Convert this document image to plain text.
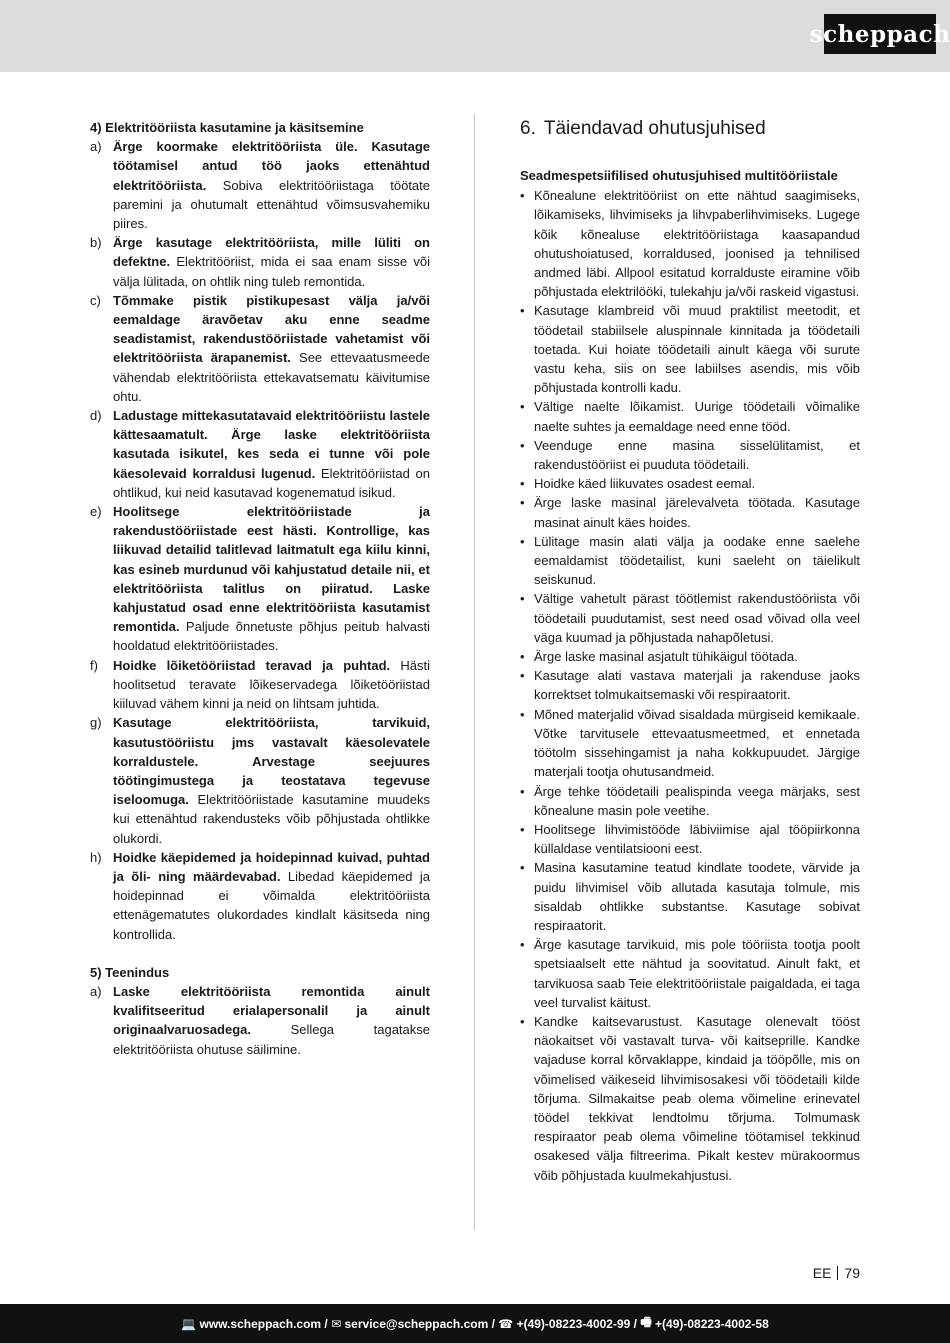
scheppach

4) Elektritööriista kasutamine ja käsitsemine

a) Ärge koormake elektritööriista üle. Kasutage töötamisel antud töö jaoks ettenähtud elektritööriista. Sobiva elektritööriistaga töötate paremini ja ohutumalt ettenähtud võimsusvahemiku piires.
b) Ärge kasutage elektritööriista, mille lüliti on defektne. Elektritööriist, mida ei saa enam sisse või välja lülitada, on ohtlik ning tuleb remontida.
c) Tõmmake pistik pistikupesast välja ja/või eemaldage äravõetav aku enne seadme seadistamist, rakendustööriistade vahetamist või elektritööriista ärapanemist. See ettevaatusmeede vähendab elektritööriista ettekavatsematu käivitumise ohtu.
d) Ladustage mittekasutatavaid elektritööriistu lastele kättesaamatult. Ärge laske elektritööriista kasutada isikutel, kes seda ei tunne või pole käesolevaid korraldusi lugenud. Elektritööriistad on ohtlikud, kui neid kasutavad kogenematud isikud.
e) Hoolitsege elektritööriistade ja rakendustööriistade eest hästi. Kontrollige, kas liikuvad detailid talitlevad laitmatult ega kiilu kinni, kas esineb murdunud või kahjustatud detaile nii, et elektritööriista talitlus on piiratud. Laske kahjustatud osad enne elektritööriista kasutamist remontida. Paljude õnnetuste põhjus peitub halvasti hooldatud elektritööriistades.
f) Hoidke lõiketööriistad teravad ja puhtad. Hästi hoolitsetud teravate lõikeservadega lõiketööriistad kiiluvad vähem kinni ja neid on lihtsam juhtida.
g) Kasutage elektritööriista, tarvikuid, kasutustööriistu jms vastavalt käesolevatele korraldustele. Arvestage seejuures töötingimustega ja teostatava tegevuse iseloomuga. Elektritööriistade kasutamine muudeks kui ettenähtud rakendusteks võib põhjustada ohtlikke olukordi.
h) Hoidke käepidemed ja hoidepinnad kuivad, puhtad ja õli- ning määrdevabad. Libedad käepidemed ja hoidepinnad ei võimalda elektritööriista ettenägematutes olukordades kindlalt käsitseda ning kontrollida.

5) Teenindus

a) Laske elektritööriista remontida ainult kvalifitseeritud erialapersonalil ja ainult originaalvaruosadega. Sellega tagatakse elektritööriista ohutuse säilimine.
6. Täiendavad ohutusjuhised

Seadmespetsiifilised ohutusjuhised multitööriistale

• Kõnealune elektritööriist on ette nähtud saagimiseks, lõikamiseks, lihvimiseks ja lihvpaberlihvimiseks. Lugege kõik kõnealuse elektritööriistaga kaasapandud ohutushoiatused, korraldused, joonised ja tehnilised andmed läbi. Allpool esitatud korralduste eiramine võib põhjustada elektrilööki, tulekahju ja/või raskeid vigastusi.
• Kasutage klambreid või muud praktilist meetodit, et töödetail stabiilsele aluspinnale kinnitada ja töödetaili toetada. Kui hoiate töödetaili ainult käega või surute vastu keha, siis on see labiilses asendis, mis võib põhjustada kontrolli kadu.
• Vältige naelte lõikamist. Uurige töödetaili võimalike naelte suhtes ja eemaldage need enne tööd.
• Veenduge enne masina sisselülitamist, et rakendustööriist ei puuduta töödetaili.
• Hoidke käed liikuvates osadest eemal.
• Ärge laske masinal järelevalveta töötada. Kasutage masinat ainult käes hoides.
• Lülitage masin alati välja ja oodake enne saelehe eemaldamist töödetailist, kuni saeleht on täielikult seiskunud.
• Vältige vahetult pärast töötlemist rakendustööriista või töödetaili puudutamist, sest need osad võivad olla veel väga kuumad ja põhjustada nahapõletusi.
• Ärge laske masinal asjatult tühikäigul töötada.
• Kasutage alati vastava materjali ja rakenduse jaoks korrektset tolmukaitsemaski või respiraatorit.
• Mõned materjalid võivad sisaldada mürgiseid kemikaale. Võtke tarvitusele ettevaatusmeetmed, et ennetada töötolm sissehingamist ja naha kokkupuudet. Järgige materjali tootja ohutusandmeid.
• Ärge tehke töödetaili pealispinda veega märjaks, sest kõnealune masin pole veetihe.
• Hoolitsege lihvimistööde läbiviimise ajal tööpiirkonna küllaldase ventilatsiooni eest.
• Masina kasutamine teatud kindlate toodete, värvide ja puidu lihvimisel võib allutada kasutaja tolmule, mis sisaldab ohtlikke substantse. Kasutage sobivat respiraatorit.
• Ärge kasutage tarvikuid, mis pole tööriista tootja poolt spetsiaalselt ette nähtud ja soovitatud. Ainult fakt, et tarvikuosa saab Teie elektritööriistale paigaldada, ei taga veel turvalist käitust.
• Kandke kaitsevarustust. Kasutage olenevalt tööst näokaitset või vastavalt turva- või kaitseprille. Kandke vajaduse korral kõrvaklappe, kindaid ja tööpõlle, mis on võimelised väikeseid lihvimisosakesi või töödetaili kilde tõrjuma. Silmakaitse peab olema võimeline erinevatel töödel tekkivat lendtolmu tõrjuma. Tolmumask respiraator peab olema võimeline töötamisel tekkinud osakesed välja filtreerima. Pikalt kestev mürakoormus võib põhjustada kuulmekahjustusi.
EE 79
💻 www.scheppach.com / ✉ service@scheppach.com / ☎ +(49)-08223-4002-99 / 🖷 +(49)-08223-4002-58
